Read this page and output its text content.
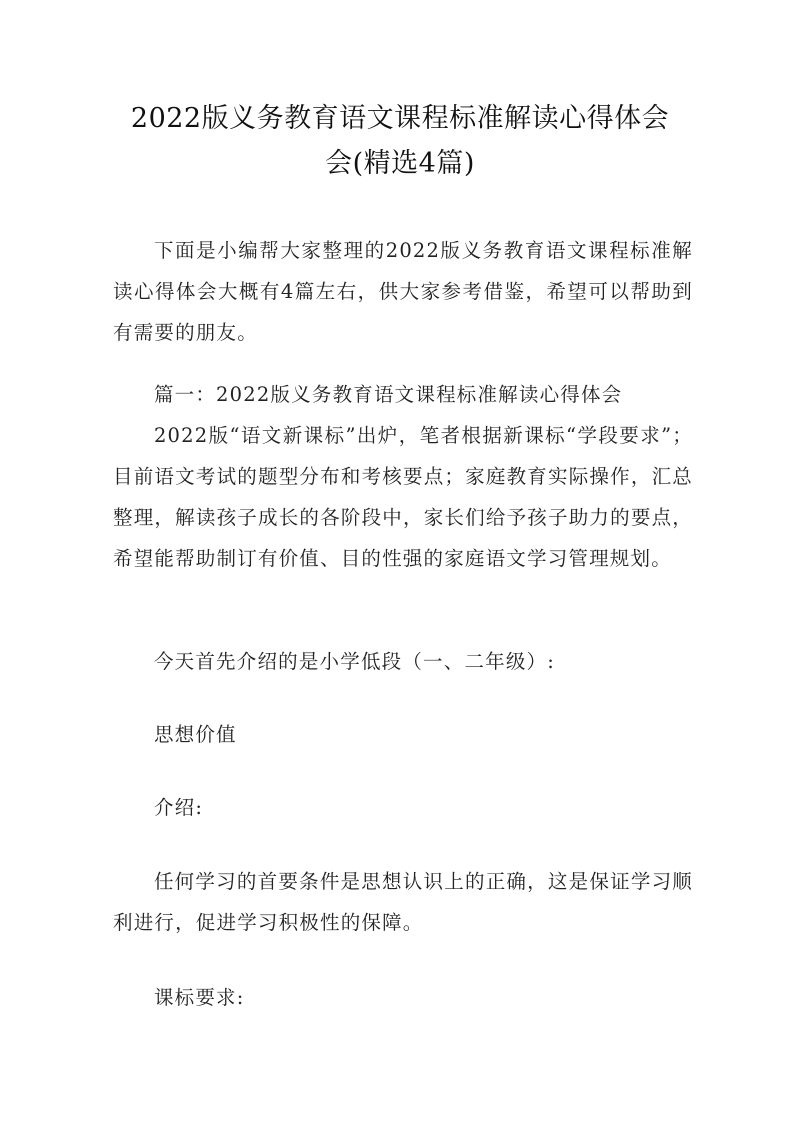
2022版义务教育语文课程标准解读心得体会
会(精选4篇)

下面是小编帮大家整理的2022版义务教育语文课程标准解读心得体会大概有4篇左右，供大家参考借鉴，希望可以帮助到有需要的朋友。

篇一：2022版义务教育语文课程标准解读心得体会

2022版“语文新课标”出炉，笔者根据新课标“学段要求”；目前语文考试的题型分布和考核要点；家庭教育实际操作，汇总整理，解读孩子成长的各阶段中，家长们给予孩子助力的要点，希望能帮助制订有价值、目的性强的家庭语文学习管理规划。

今天首先介绍的是小学低段（一、二年级）:

思想价值

介绍:

任何学习的首要条件是思想认识上的正确，这是保证学习顺利进行，促进学习积极性的保障。

课标要求:
